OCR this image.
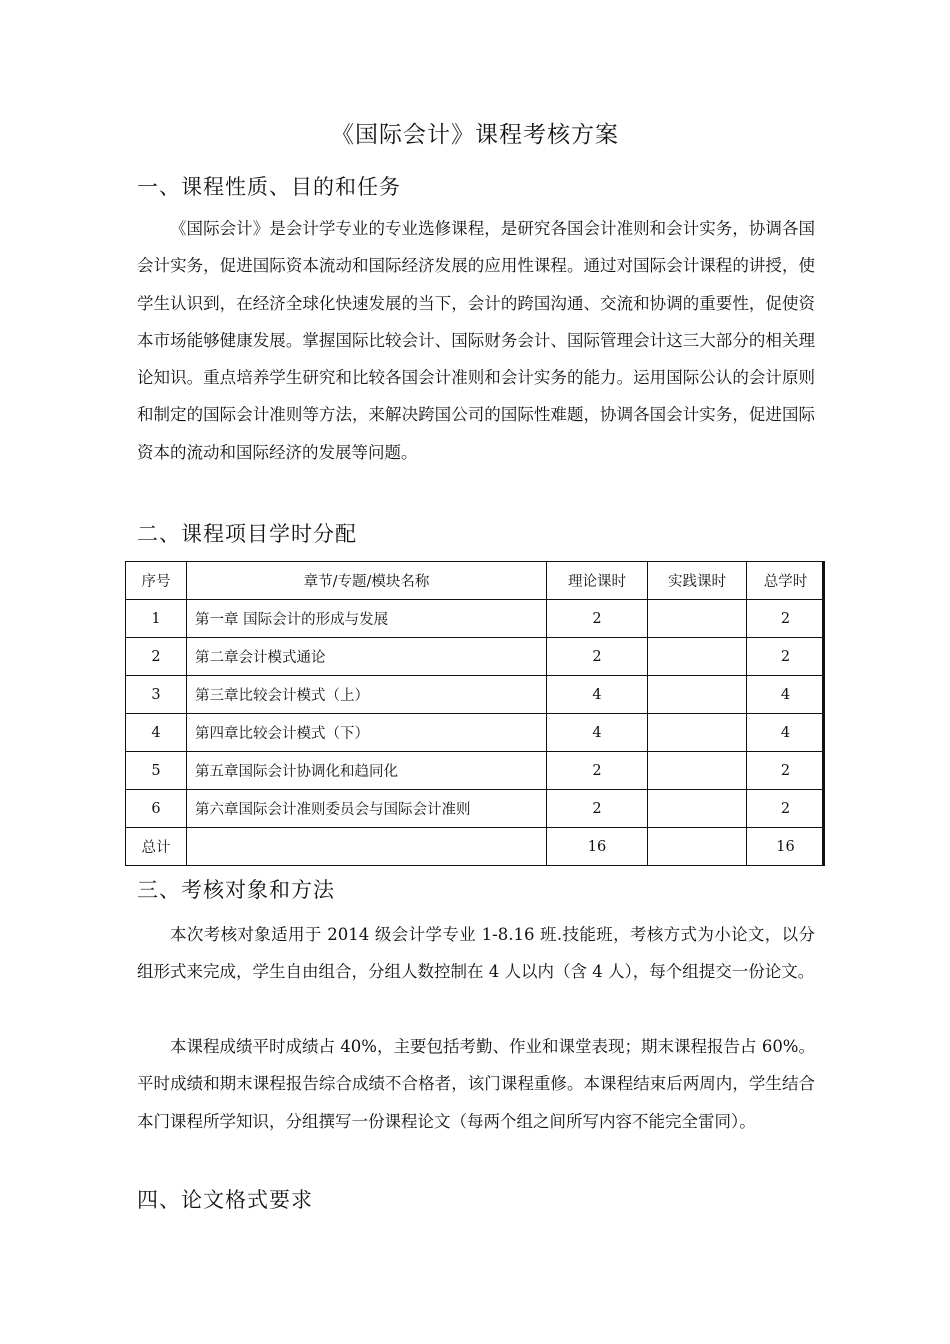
《国际会计》课程考核方案
一、课程性质、目的和任务

《国际会计》是会计学专业的专业选修课程，是研究各国会计准则和会计实务，协调各国会计实务，促进国际资本流动和国际经济发展的应用性课程。通过对国际会计课程的讲授，使学生认识到，在经济全球化快速发展的当下，会计的跨国沟通、交流和协调的重要性，促使资本市场能够健康发展。掌握国际比较会计、国际财务会计、国际管理会计这三大部分的相关理论知识。重点培养学生研究和比较各国会计准则和会计实务的能力。运用国际公认的会计原则和制定的国际会计准则等方法，来解决跨国公司的国际性难题，协调各国会计实务，促进国际资本的流动和国际经济的发展等问题。

二、课程项目学时分配
序号	章节/专题/模块名称	理论课时	实践课时	总学时
1	第一章 国际会计的形成与发展	2		2
2	第二章会计模式通论	2		2
3	第三章比较会计模式（上）	4		4
4	第四章比较会计模式（下）	4		4
5	第五章国际会计协调化和趋同化	2		2
6	第六章国际会计准则委员会与国际会计准则	2		2
总计		16		16
三、考核对象和方法

本次考核对象适用于 2014 级会计学专业 1-8.16 班.技能班，考核方式为小论文，以分组形式来完成，学生自由组合，分组人数控制在 4 人以内（含 4 人），每个组提交一份论文。

本课程成绩平时成绩占 40%，主要包括考勤、作业和课堂表现；期末课程报告占 60%。平时成绩和期末课程报告综合成绩不合格者，该门课程重修。本课程结束后两周内，学生结合本门课程所学知识，分组撰写一份课程论文（每两个组之间所写内容不能完全雷同）。

四、论文格式要求
